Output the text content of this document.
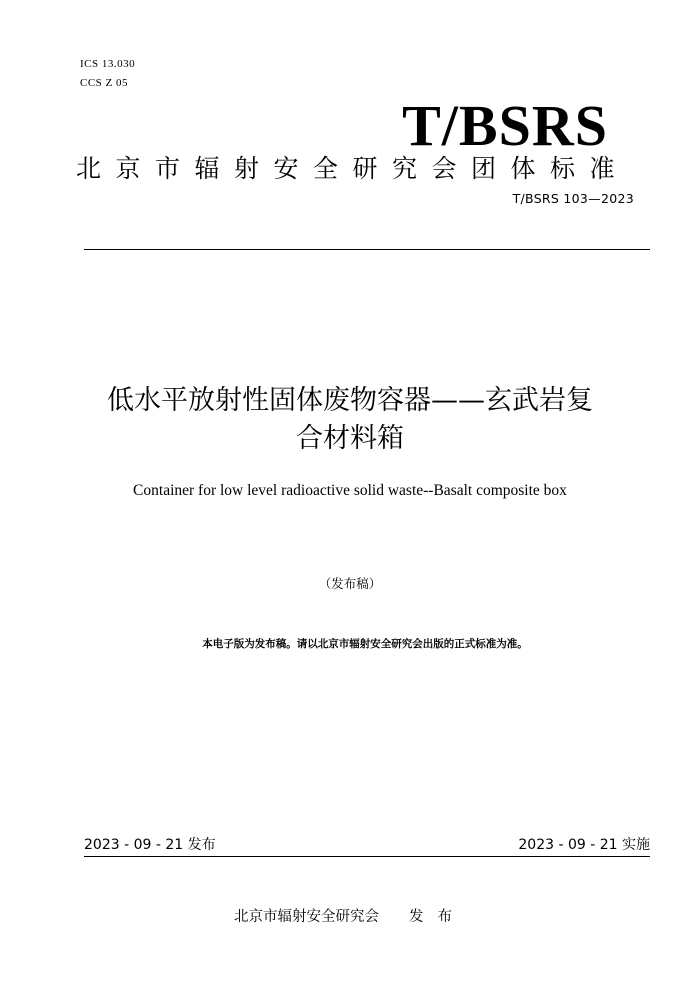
ICS 13.030
CCS Z 05
T/BSRS
北京市辐射安全研究会团体标准
T/BSRS 103—2023
低水平放射性固体废物容器——玄武岩复
合材料箱
Container for low level radioactive solid waste--Basalt composite box
（发布稿）
本电子版为发布稿。请以北京市辐射安全研究会出版的正式标准为准。
2023 - 09 - 21 发布	2023 - 09 - 21 实施
北京市辐射安全研究会 发布
